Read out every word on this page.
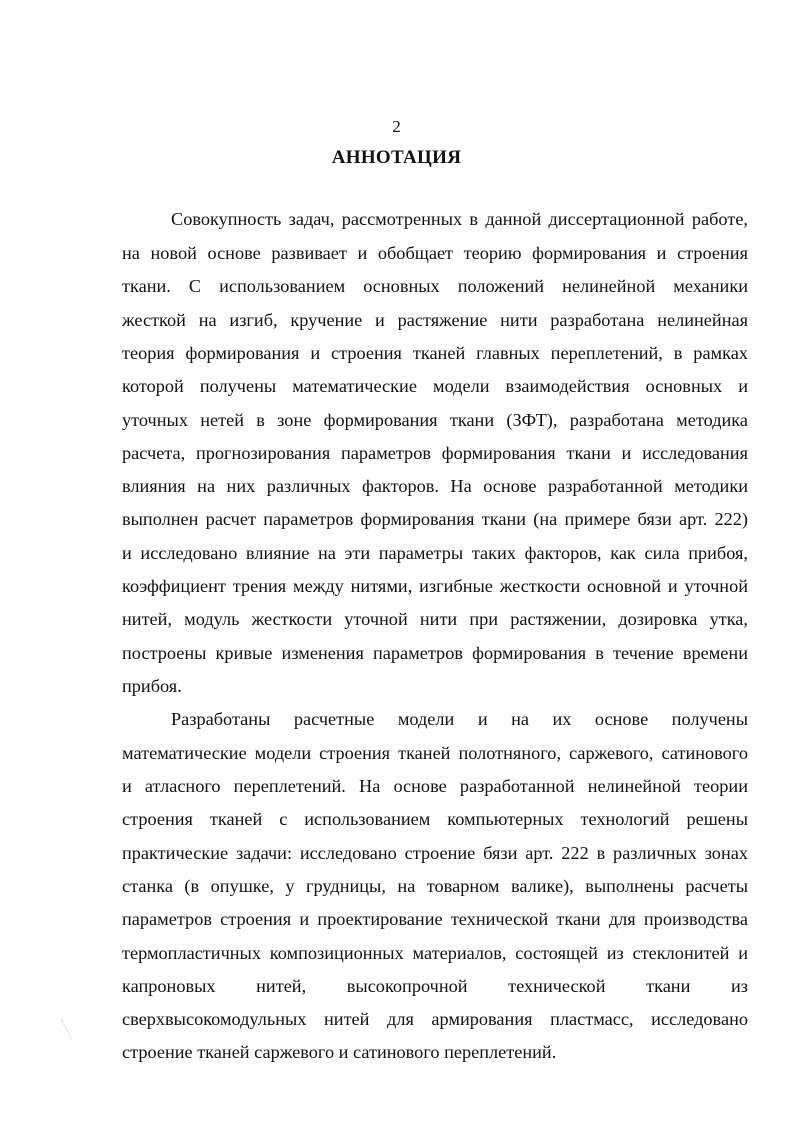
2
АННОТАЦИЯ
Совокупность задач, рассмотренных в данной диссертационной работе,
на новой основе развивает и обобщает теорию формирования и строения
ткани. С использованием основных положений нелинейной механики
жесткой на изгиб, кручение и растяжение нити разработана нелинейная
теория формирования и строения тканей главных переплетений, в рамках
которой получены математические модели взаимодействия основных и
уточных нетей в зоне формирования ткани (ЗФТ), разработана методика
расчета, прогнозирования параметров формирования ткани и исследования
влияния на них различных факторов. На основе разработанной методики
выполнен расчет параметров формирования ткани (на примере бязи арт. 222)
и исследовано влияние на эти параметры таких факторов, как сила прибоя,
коэффициент трения между нитями, изгибные жесткости основной и уточной
нитей, модуль жесткости уточной нити при растяжении, дозировка утка,
построены кривые изменения параметров формирования в течение времени
прибоя.
Разработаны расчетные модели и на их основе получены
математические модели строения тканей полотняного, саржевого, сатинового
и атласного переплетений. На основе разработанной нелинейной теории
строения тканей с использованием компьютерных технологий решены
практические задачи: исследовано строение бязи арт. 222 в различных зонах
станка (в опушке, у грудницы, на товарном валике), выполнены расчеты
параметров строения и проектирование технической ткани для производства
термопластичных композиционных материалов, состоящей из стеклонитей и
капроновых нитей, высокопрочной технической ткани из
сверхвысокомодульных нитей для армирования пластмасс, исследовано
строение тканей саржевого и сатинового переплетений.
